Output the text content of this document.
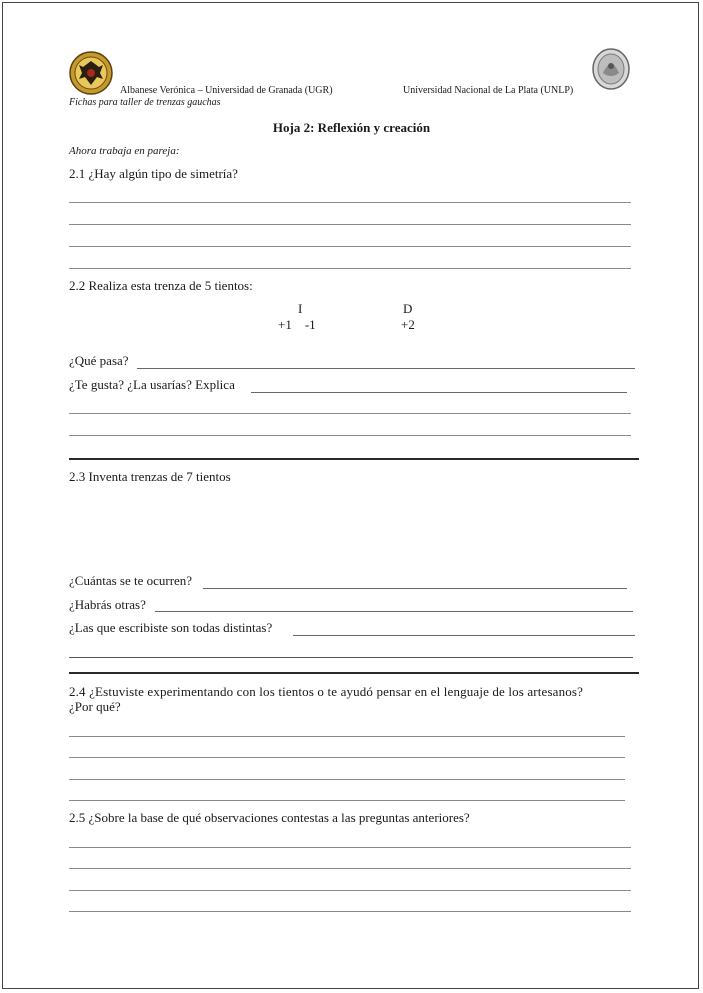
Albanese Verónica – Universidad de Granada (UGR)	Universidad Nacional de La Plata (UNLP)
Fichas para taller de trenzas gauchas
Hoja 2: Reflexión y creación
Ahora trabaja en pareja:
2.1 ¿Hay algún tipo de simetría?
2.2 Realiza esta trenza de 5 tientos:
I	D
+1    -1	+2
¿Qué pasa?
¿Te gusta? ¿La usarías? Explica
2.3 Inventa trenzas de 7 tientos
¿Cuántas se te ocurren?
¿Habrás otras?
¿Las que escribiste son todas distintas?
2.4 ¿Estuviste experimentando con los tientos o te ayudó pensar en el lenguaje de los artesanos?
¿Por qué?
2.5 ¿Sobre la base de qué observaciones contestas a las preguntas anteriores?
